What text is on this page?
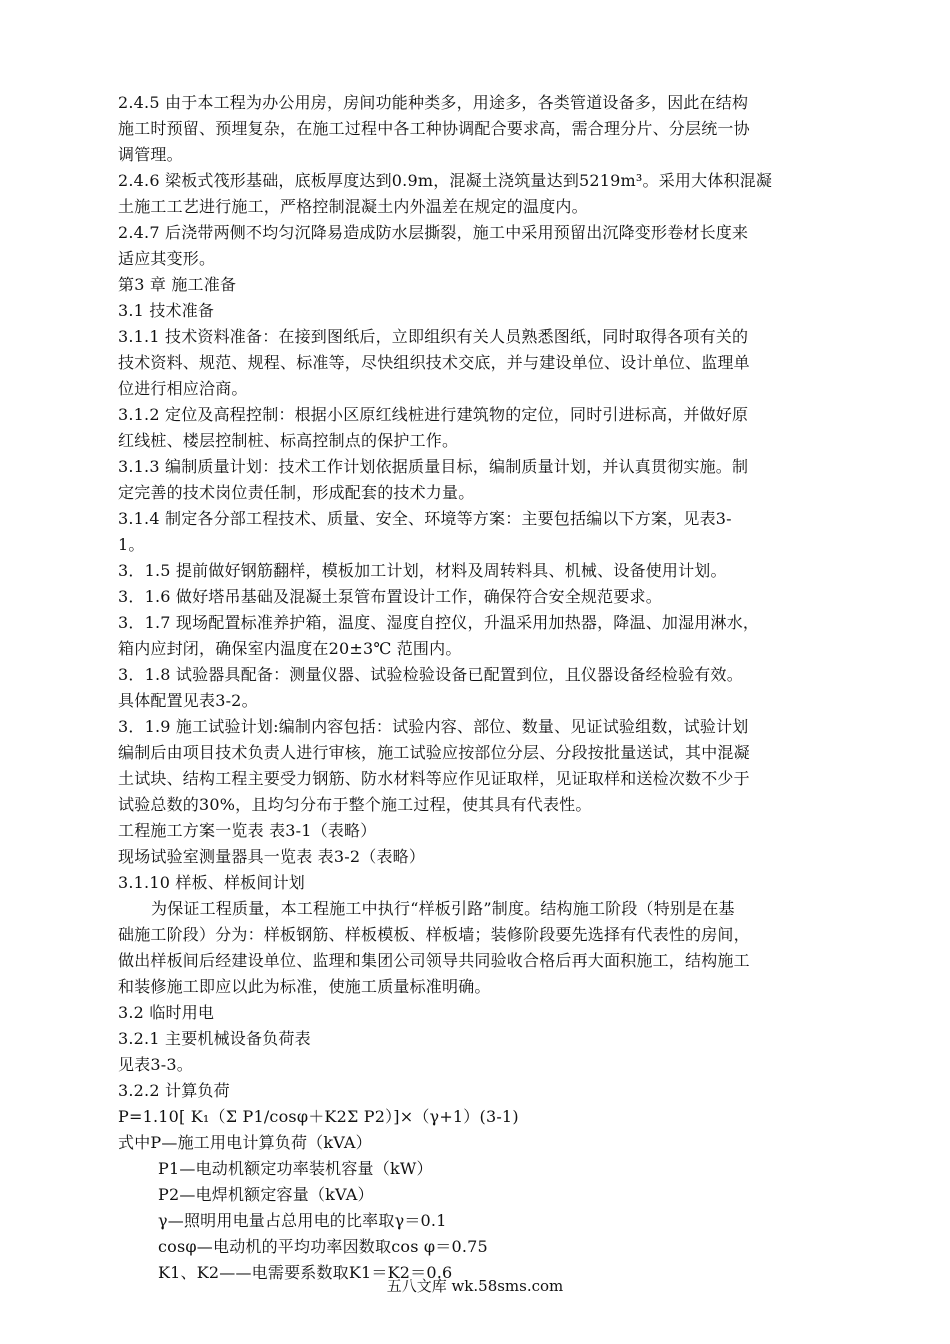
2.4.5 由于本工程为办公用房，房间功能种类多，用途多，各类管道设备多，因此在结构
施工时预留、预埋复杂，在施工过程中各工种协调配合要求高，需合理分片、分层统一协
调管理。
2.4.6 梁板式筏形基础，底板厚度达到0.9m，混凝土浇筑量达到5219m³。采用大体积混凝
土施工工艺进行施工，严格控制混凝土内外温差在规定的温度内。
2.4.7 后浇带两侧不均匀沉降易造成防水层撕裂，施工中采用预留出沉降变形卷材长度来
适应其变形。
第3 章 施工准备
3.1 技术准备
3.1.1 技术资料准备：在接到图纸后，立即组织有关人员熟悉图纸，同时取得各项有关的
技术资料、规范、规程、标准等，尽快组织技术交底，并与建设单位、设计单位、监理单
位进行相应洽商。
3.1.2 定位及高程控制：根据小区原红线桩进行建筑物的定位，同时引进标高，并做好原
红线桩、楼层控制桩、标高控制点的保护工作。
3.1.3 编制质量计划：技术工作计划依据质量目标，编制质量计划，并认真贯彻实施。制
定完善的技术岗位责任制，形成配套的技术力量。
3.1.4 制定各分部工程技术、质量、安全、环境等方案：主要包括编以下方案，见表3-
1。
3．1.5 提前做好钢筋翻样，模板加工计划，材料及周转料具、机械、设备使用计划。
3．1.6 做好塔吊基础及混凝土泵管布置设计工作，确保符合安全规范要求。
3．1.7 现场配置标准养护箱，温度、湿度自控仪，升温采用加热器，降温、加湿用淋水，
箱内应封闭，确保室内温度在20±3℃ 范围内。
3．1.8 试验器具配备：测量仪器、试验检验设备已配置到位，且仪器设备经检验有效。
具体配置见表3-2。
3．1.9 施工试验计划:编制内容包括：试验内容、部位、数量、见证试验组数，试验计划
编制后由项目技术负责人进行审核，施工试验应按部位分层、分段按批量送试，其中混凝
土试块、结构工程主要受力钢筋、防水材料等应作见证取样，见证取样和送检次数不少于
试验总数的30%，且均匀分布于整个施工过程，使其具有代表性。
工程施工方案一览表 表3-1（表略）
现场试验室测量器具一览表 表3-2（表略）
3.1.10 样板、样板间计划
为保证工程质量，本工程施工中执行“样板引路”制度。结构施工阶段（特别是在基
础施工阶段）分为：样板钢筋、样板模板、样板墙；装修阶段要先选择有代表性的房间，
做出样板间后经建设单位、监理和集团公司领导共同验收合格后再大面积施工，结构施工
和装修施工即应以此为标准，使施工质量标准明确。
3.2 临时用电
3.2.1 主要机械设备负荷表
见表3-3。
3.2.2 计算负荷
P=1.10[ K₁（Σ P1/cosφ＋K2Σ P2）]×（γ+1）(3-1)
式中P—施工用电计算负荷（kVA）
P1—电动机额定功率装机容量（kW）
P2—电焊机额定容量（kVA）
γ—照明用电量占总用电的比率取γ＝0.1
cosφ—电动机的平均功率因数取cos φ＝0.75
K1、K2——电需要系数取K1＝K2＝0.6
五八文库 wk.58sms.com
